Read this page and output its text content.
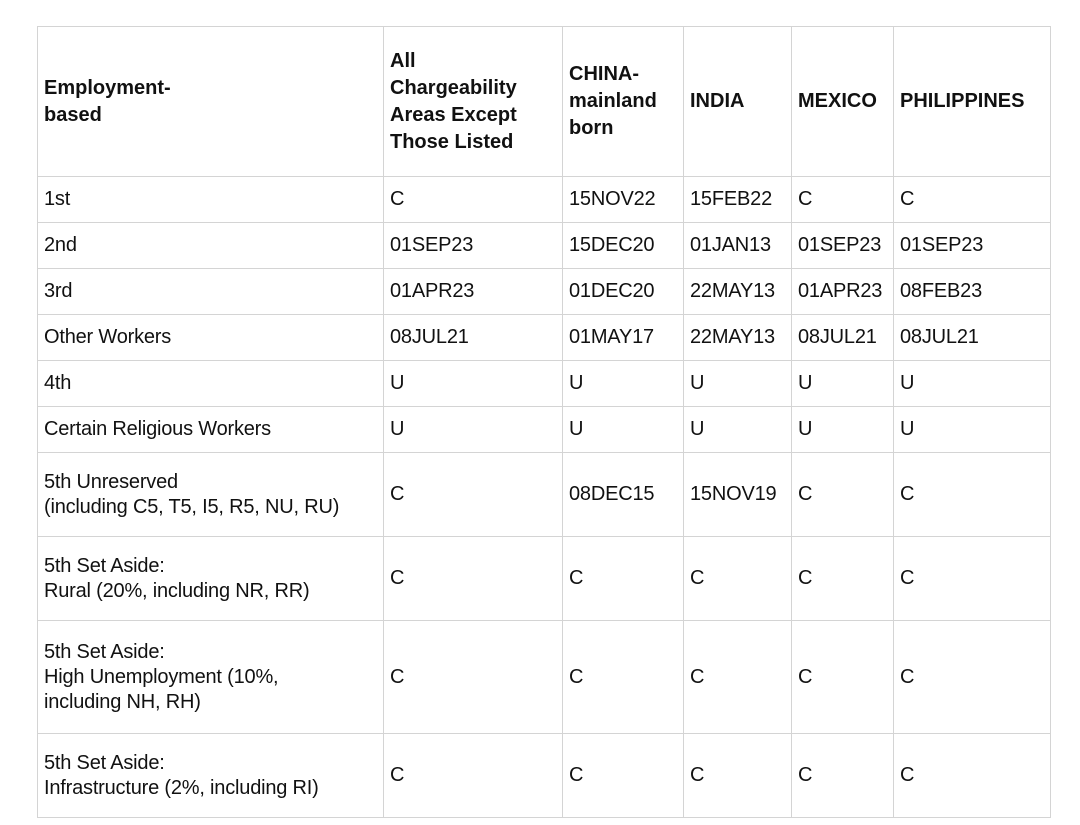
Employment-
based	All
Chargeability
Areas Except
Those Listed	CHINA-
mainland
born	INDIA	MEXICO	PHILIPPINES

1st	C	15NOV22	15FEB22	C	C

2nd	01SEP23	15DEC20	01JAN13	01SEP23	01SEP23

3rd	01APR23	01DEC20	22MAY13	01APR23	08FEB23

Other Workers	08JUL21	01MAY17	22MAY13	08JUL21	08JUL21

4th	U	U	U	U	U

Certain Religious Workers	U	U	U	U	U

5th Unreserved
(including C5, T5, I5, R5, NU, RU)	C	08DEC15	15NOV19	C	C

5th Set Aside:
Rural (20%, including NR, RR)	C	C	C	C	C

5th Set Aside:
High Unemployment (10%,
including NH, RH)	C	C	C	C	C

5th Set Aside:
Infrastructure (2%, including RI)	C	C	C	C	C
